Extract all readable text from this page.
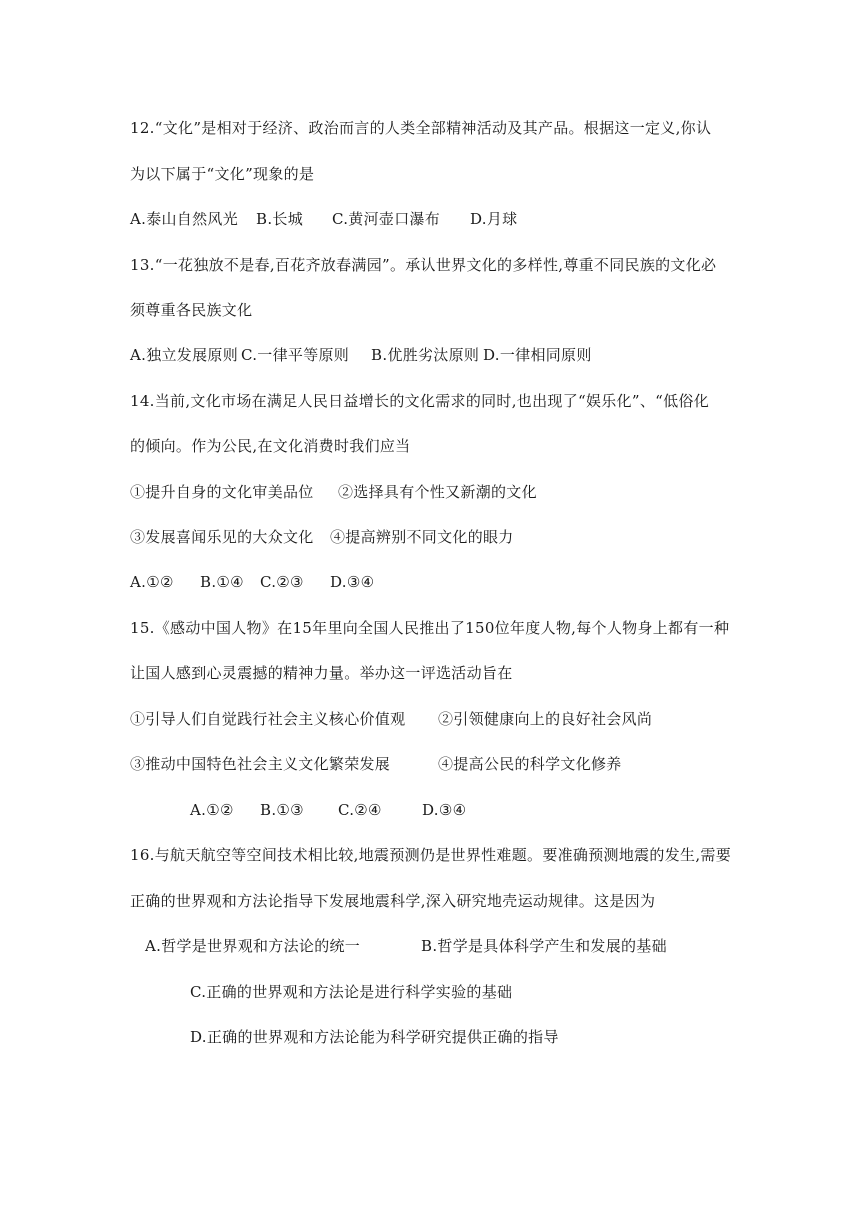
12.“文化”是相对于经济、政治而言的人类全部精神活动及其产品。根据这一定义,你认
为以下属于“文化”现象的是
A.泰山自然风光 B.长城 C.黄河壶口瀑布 D.月球
13.“一花独放不是春,百花齐放春满园”。承认世界文化的多样性,尊重不同民族的文化必
须尊重各民族文化
A.独立发展原则 C.一律平等原则 B.优胜劣汰原则 D.一律相同原则
14.当前,文化市场在满足人民日益增长的文化需求的同时,也出现了“娱乐化”、“低俗化
的倾向。作为公民,在文化消费时我们应当
①提升自身的文化审美品位 ②选择具有个性又新潮的文化
③发展喜闻乐见的大众文化 ④提高辨别不同文化的眼力
A.①② B.①④ C.②③ D.③④
15.《感动中国人物》在15年里向全国人民推出了150位年度人物,每个人物身上都有一种
让国人感到心灵震撼的精神力量。举办这一评选活动旨在
①引导人们自觉践行社会主义核心价值观 ②引领健康向上的良好社会风尚
③推动中国特色社会主义文化繁荣发展	④提高公民的科学文化修养
A.①② B.①③ C.②④	D.③④
16.与航天航空等空间技术相比较,地震预测仍是世界性难题。要准确预测地震的发生,需要
正确的世界观和方法论指导下发展地震科学,深入研究地壳运动规律。这是因为
A.哲学是世界观和方法论的统一	B.哲学是具体科学产生和发展的基础
C.正确的世界观和方法论是进行科学实验的基础
D.正确的世界观和方法论能为科学研究提供正确的指导
